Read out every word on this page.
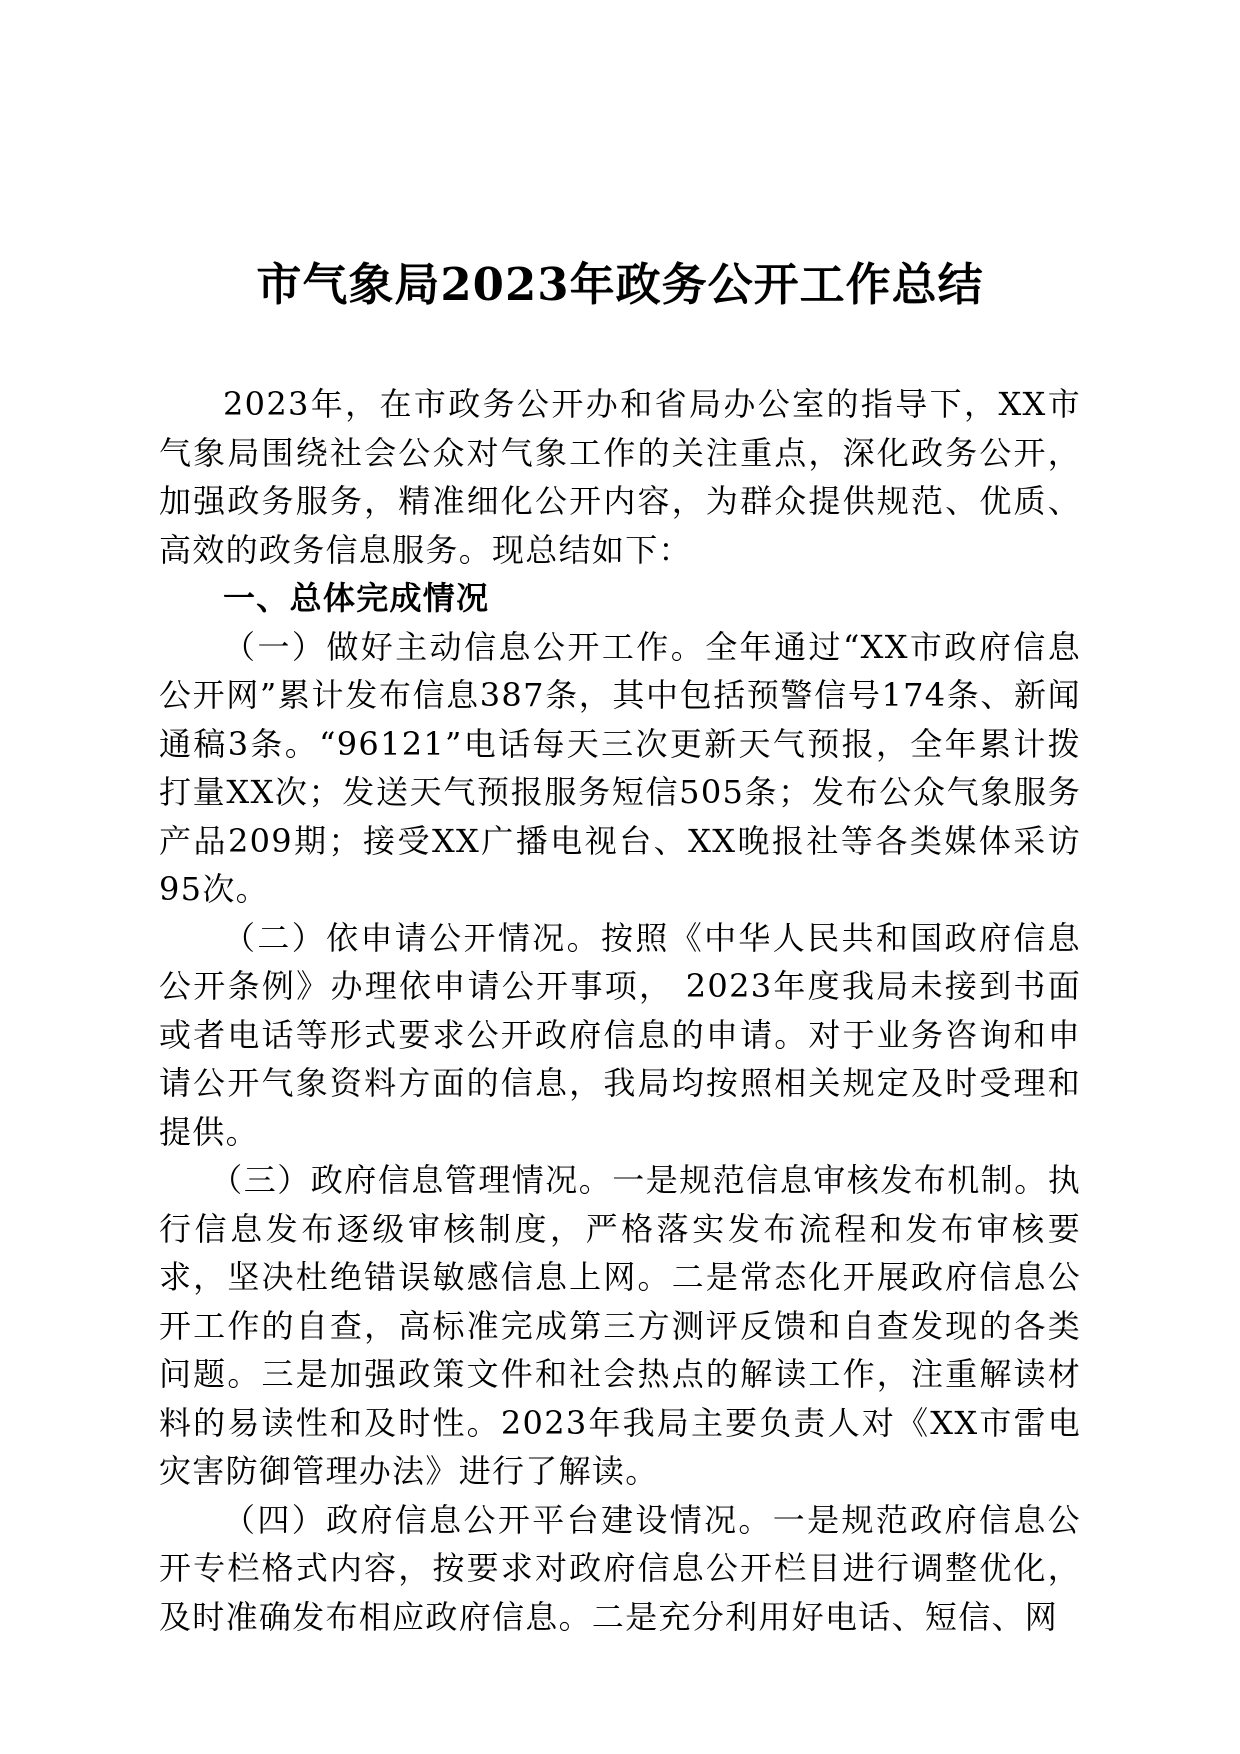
市气象局2023年政务公开工作总结

2023年，在市政务公开办和省局办公室的指导下，XX市气象局围绕社会公众对气象工作的关注重点，深化政务公开，加强政务服务，精准细化公开内容，为群众提供规范、优质、高效的政务信息服务。现总结如下：

一、总体完成情况

（一）做好主动信息公开工作。全年通过“XX市政府信息公开网”累计发布信息387条，其中包括预警信号174条、新闻通稿3条。“96121”电话每天三次更新天气预报，全年累计拨打量XX次；发送天气预报服务短信505条；发布公众气象服务产品209期；接受XX广播电视台、XX晚报社等各类媒体采访95次。

（二）依申请公开情况。按照《中华人民共和国政府信息公开条例》办理依申请公开事项， 2023年度我局未接到书面或者电话等形式要求公开政府信息的申请。对于业务咨询和申请公开气象资料方面的信息，我局均按照相关规定及时受理和提供。

（三）政府信息管理情况。一是规范信息审核发布机制。执行信息发布逐级审核制度，严格落实发布流程和发布审核要求，坚决杜绝错误敏感信息上网。二是常态化开展政府信息公开工作的自查，高标准完成第三方测评反馈和自查发现的各类问题。三是加强政策文件和社会热点的解读工作，注重解读材料的易读性和及时性。2023年我局主要负责人对《XX市雷电灾害防御管理办法》进行了解读。

（四）政府信息公开平台建设情况。一是规范政府信息公开专栏格式内容，按要求对政府信息公开栏目进行调整优化，及时准确发布相应政府信息。二是充分利用好电话、短信、网
